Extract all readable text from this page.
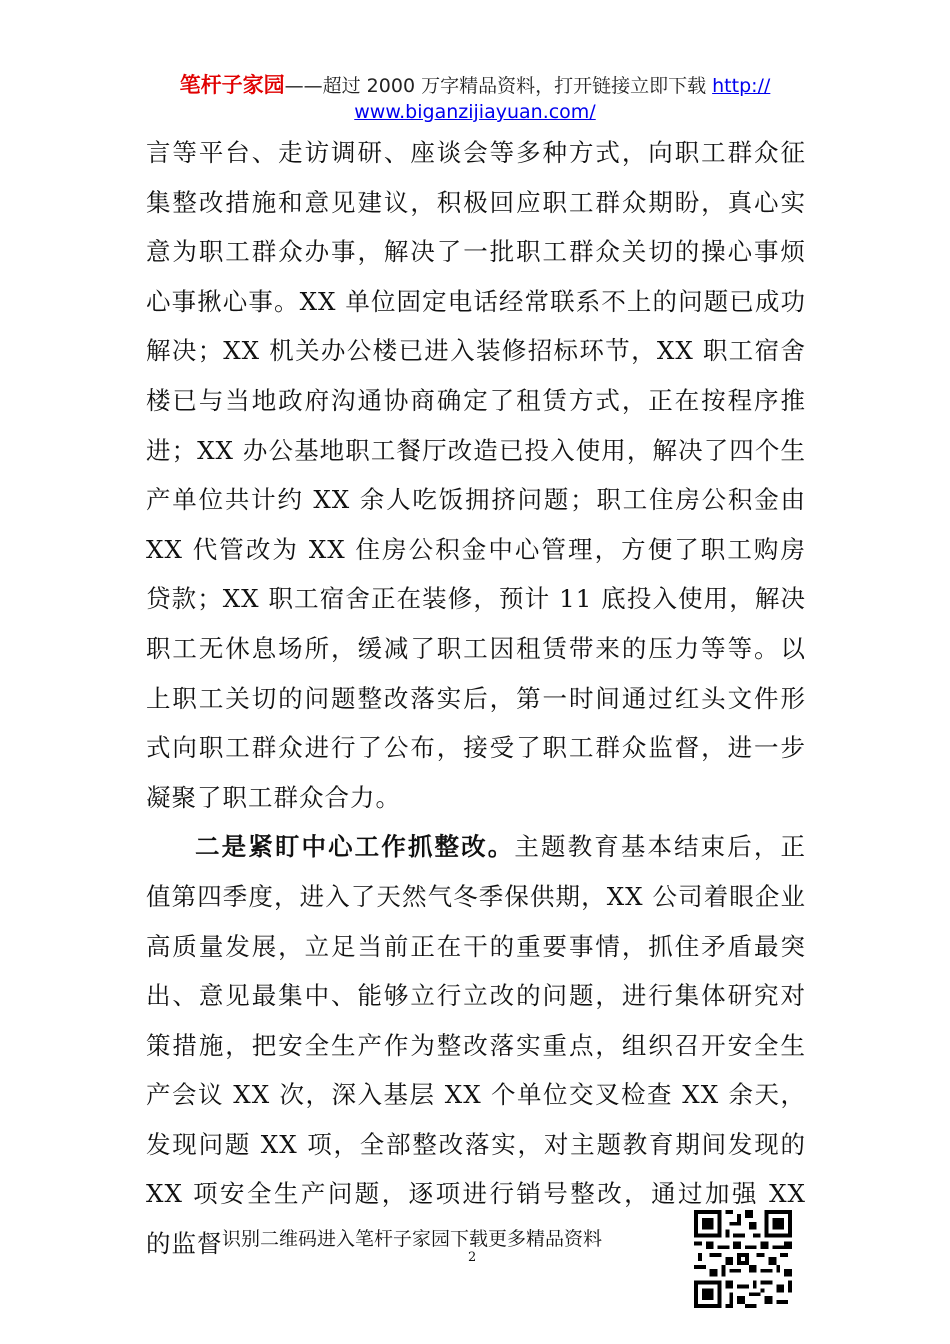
笔杆子家园——超过 2000 万字精品资料，打开链接立即下载 http://
www.biganzijiayuan.com/

言等平台、走访调研、座谈会等多种方式，向职工群众征集整改措施和意见建议，积极回应职工群众期盼，真心实意为职工群众办事，解决了一批职工群众关切的操心事烦心事揪心事。XX 单位固定电话经常联系不上的问题已成功解决；XX 机关办公楼已进入装修招标环节，XX 职工宿舍楼已与当地政府沟通协商确定了租赁方式，正在按程序推进；XX 办公基地职工餐厅改造已投入使用，解决了四个生产单位共计约 XX 余人吃饭拥挤问题；职工住房公积金由 XX 代管改为 XX 住房公积金中心管理，方便了职工购房贷款；XX 职工宿舍正在装修，预计 11 底投入使用，解决职工无休息场所，缓减了职工因租赁带来的压力等等。以上职工关切的问题整改落实后，第一时间通过红头文件形式向职工群众进行了公布，接受了职工群众监督，进一步凝聚了职工群众合力。

二是紧盯中心工作抓整改。主题教育基本结束后，正值第四季度，进入了天然气冬季保供期，XX 公司着眼企业高质量发展，立足当前正在干的重要事情，抓住矛盾最突出、意见最集中、能够立行立改的问题，进行集体研究对策措施，把安全生产作为整改落实重点，组织召开安全生产会议 XX 次，深入基层 XX 个单位交叉检查 XX 余天，发现问题 XX 项，全部整改落实，对主题教育期间发现的 XX 项安全生产问题，逐项进行销号整改，通过加强 XX 的监督 识别二维码进入笔杆子家园下载更多精品资料
2
